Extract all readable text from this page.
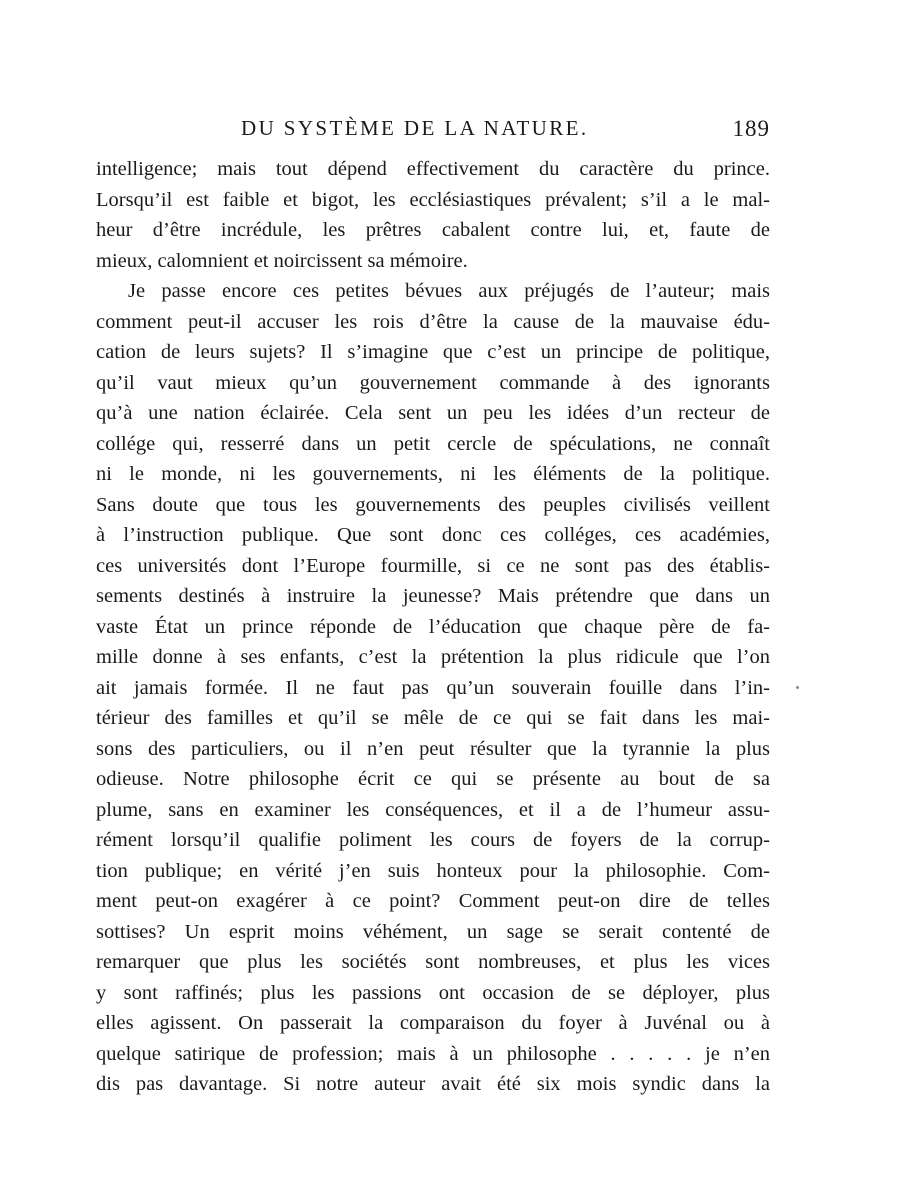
DU SYSTÈME DE LA NATURE.	189
intelligence; mais tout dépend effectivement du caractère du prince.
Lorsqu’il est faible et bigot, les ecclésiastiques prévalent; s’il a le mal-
heur d’être incrédule, les prêtres cabalent contre lui, et, faute de
mieux, calomnient et noircissent sa mémoire.
Je passe encore ces petites bévues aux préjugés de l’auteur; mais
comment peut-il accuser les rois d’être la cause de la mauvaise édu-
cation de leurs sujets? Il s’imagine que c’est un principe de politique,
qu’il vaut mieux qu’un gouvernement commande à des ignorants
qu’à une nation éclairée. Cela sent un peu les idées d’un recteur de
collége qui, resserré dans un petit cercle de spéculations, ne connaît
ni le monde, ni les gouvernements, ni les éléments de la politique.
Sans doute que tous les gouvernements des peuples civilisés veillent
à l’instruction publique. Que sont donc ces colléges, ces académies,
ces universités dont l’Europe fourmille, si ce ne sont pas des établis-
sements destinés à instruire la jeunesse? Mais prétendre que dans un
vaste État un prince réponde de l’éducation que chaque père de fa-
mille donne à ses enfants, c’est la prétention la plus ridicule que l’on
ait jamais formée. Il ne faut pas qu’un souverain fouille dans l’in-
térieur des familles et qu’il se mêle de ce qui se fait dans les mai-
sons des particuliers, ou il n’en peut résulter que la tyrannie la plus
odieuse. Notre philosophe écrit ce qui se présente au bout de sa
plume, sans en examiner les conséquences, et il a de l’humeur assu-
rément lorsqu’il qualifie poliment les cours de foyers de la corrup-
tion publique; en vérité j’en suis honteux pour la philosophie. Com-
ment peut-on exagérer à ce point? Comment peut-on dire de telles
sottises? Un esprit moins véhément, un sage se serait contenté de
remarquer que plus les sociétés sont nombreuses, et plus les vices
y sont raffinés; plus les passions ont occasion de se déployer, plus
elles agissent. On passerait la comparaison du foyer à Juvénal ou à
quelque satirique de profession; mais à un philosophe . . . . . je n’en
dis pas davantage. Si notre auteur avait été six mois syndic dans la
